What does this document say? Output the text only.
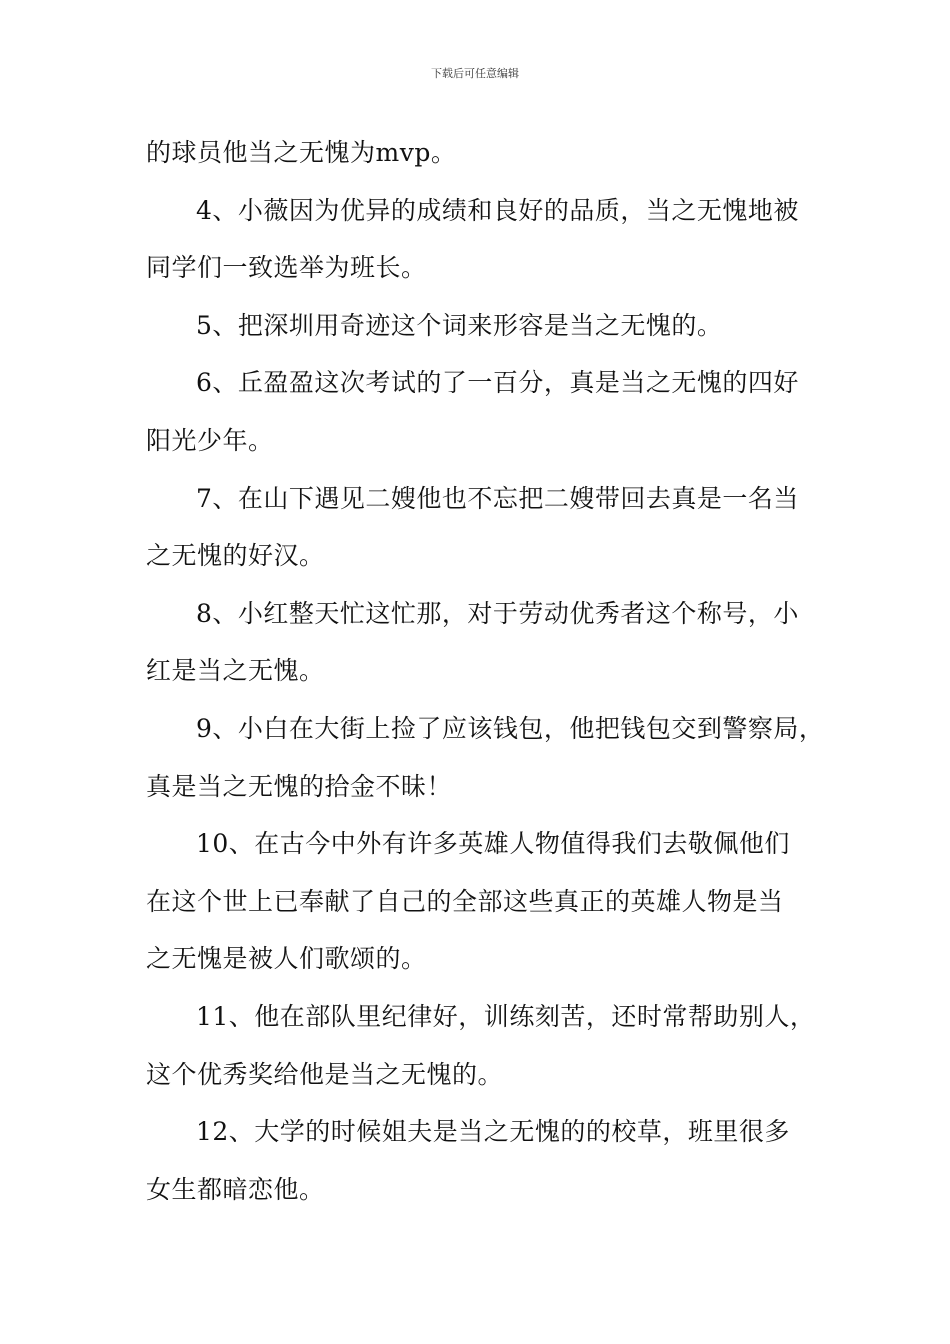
下载后可任意编辑
的球员他当之无愧为mvp。
4、小薇因为优异的成绩和良好的品质，当之无愧地被
同学们一致选举为班长。
5、把深圳用奇迹这个词来形容是当之无愧的。
6、丘盈盈这次考试的了一百分，真是当之无愧的四好
阳光少年。
7、在山下遇见二嫂他也不忘把二嫂带回去真是一名当
之无愧的好汉。
8、小红整天忙这忙那，对于劳动优秀者这个称号，小
红是当之无愧。
9、小白在大街上捡了应该钱包，他把钱包交到警察局，
真是当之无愧的拾金不昧！
10、在古今中外有许多英雄人物值得我们去敬佩他们
在这个世上已奉献了自己的全部这些真正的英雄人物是当
之无愧是被人们歌颂的。
11、他在部队里纪律好，训练刻苦，还时常帮助别人，
这个优秀奖给他是当之无愧的。
12、大学的时候姐夫是当之无愧的的校草，班里很多
女生都暗恋他。
